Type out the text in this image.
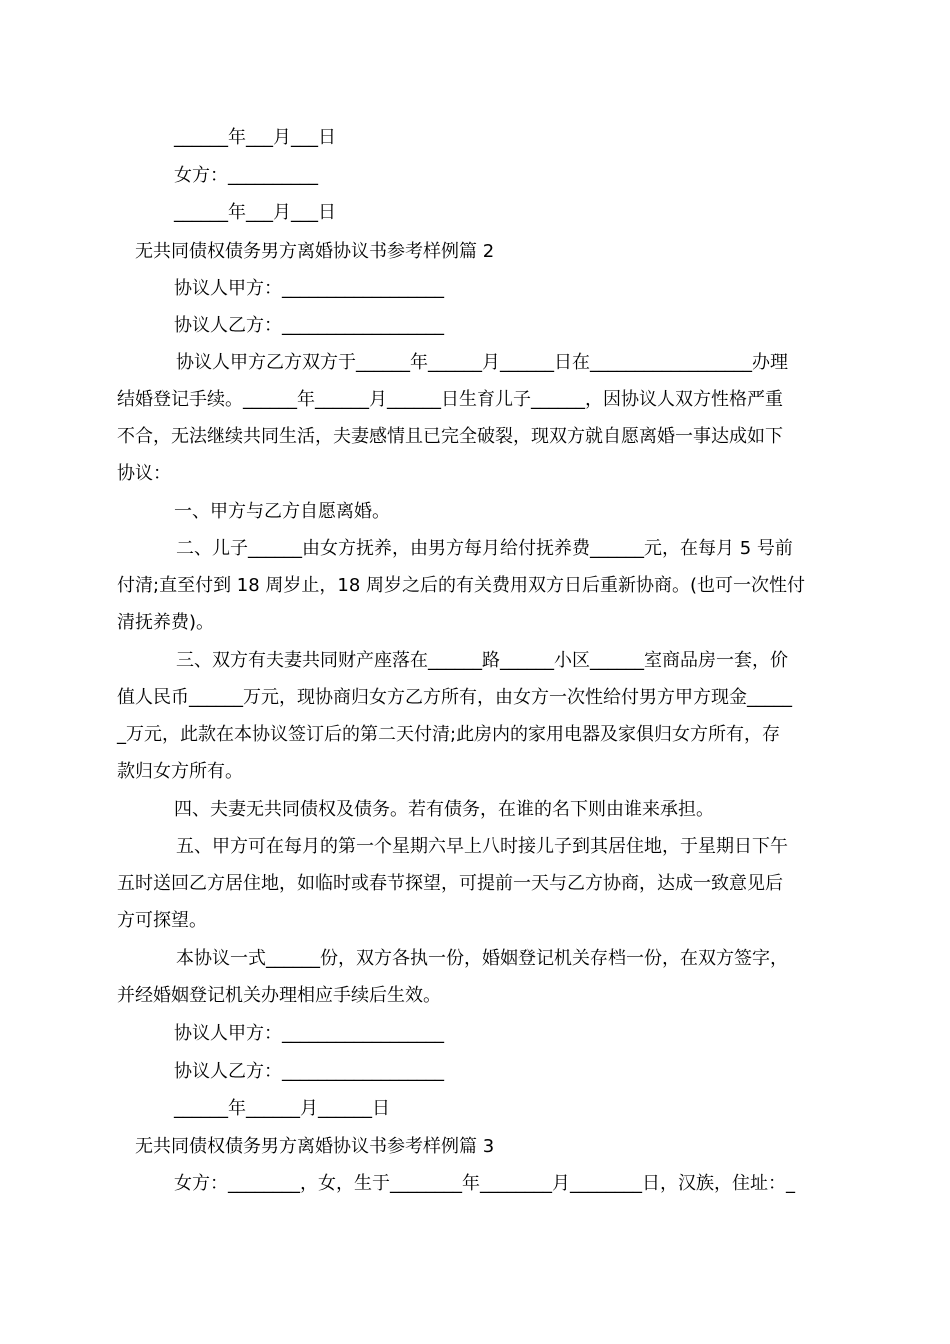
______年___月___日
女方：__________
______年___月___日
无共同债权债务男方离婚协议书参考样例篇 2
协议人甲方：__________________
协议人乙方：__________________
协议人甲方乙方双方于______年______月______日在__________________办理
结婚登记手续。______年______月______日生育儿子______，因协议人双方性格严重
不合，无法继续共同生活，夫妻感情且已完全破裂，现双方就自愿离婚一事达成如下
协议：
一、甲方与乙方自愿离婚。
二、儿子______由女方抚养，由男方每月给付抚养费______元，在每月 5 号前
付清;直至付到 18 周岁止，18 周岁之后的有关费用双方日后重新协商。(也可一次性付
清抚养费)。
三、双方有夫妻共同财产座落在______路______小区______室商品房一套，价
值人民币______万元，现协商归女方乙方所有，由女方一次性给付男方甲方现金_____
_万元，此款在本协议签订后的第二天付清;此房内的家用电器及家俱归女方所有，存
款归女方所有。
四、夫妻无共同债权及债务。若有债务，在谁的名下则由谁来承担。
五、甲方可在每月的第一个星期六早上八时接儿子到其居住地，于星期日下午
五时送回乙方居住地，如临时或春节探望，可提前一天与乙方协商，达成一致意见后
方可探望。
本协议一式______份，双方各执一份，婚姻登记机关存档一份，在双方签字，
并经婚姻登记机关办理相应手续后生效。
协议人甲方：__________________
协议人乙方：__________________
______年______月______日
无共同债权债务男方离婚协议书参考样例篇 3
女方：________，女，生于________年________月________日，汉族，住址：_
